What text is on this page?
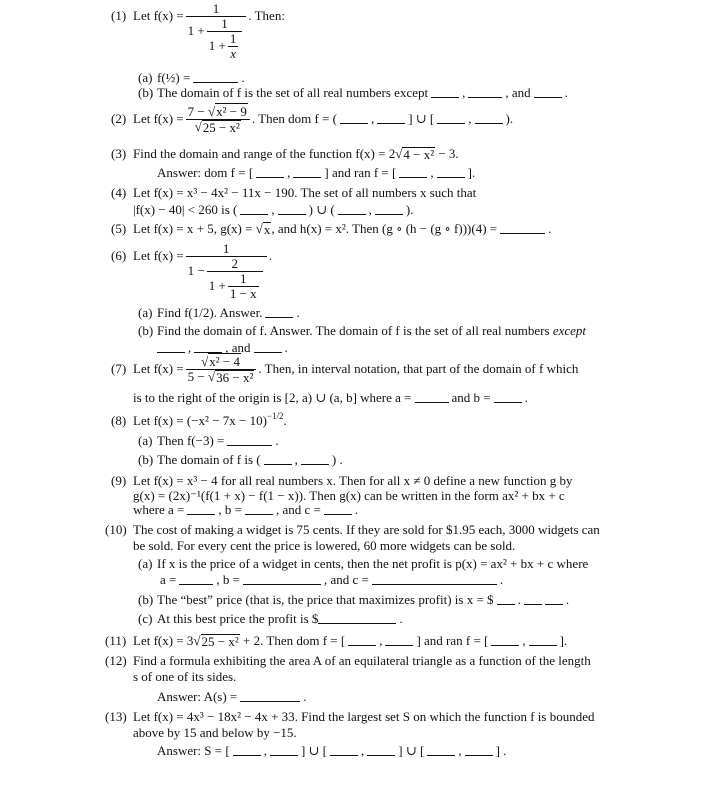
(1) Let f(x) =	1
$1 + \frac{1}{1 + \frac{1}{x}}$
. Then:
(a) f(½) =	.
(b) The domain of f is the set of all real numbers except	,	, and	.
(2) Let $f(x) = \frac{\text{7 − √x² − 9}}{\text{√ 25 − x²}}$ . Then dom f = (	,	] ∪ [	,	).
(3) Find the domain and range of the function f(x) = 2 √ 4 − x² − 3.
Answer: dom f = [	,	] and ran f = [	,	].
(4) Let f(x) = x³ − 4x² − 11x − 190. The set of all numbers x such that
|f(x) − 40| < 260 is (	,	) ∪ (	,	).
(5) Let f(x) = x + 5, g(x) = √ x , and h(x) = x². Then (g ∘ (h − (g ∘ f)))(4) =	.
(6) Let f(x) =	1
$1 - \frac{2}{1 + \frac{1}{1 - x}}$
.
(a) Find f(1/2). Answer.	.
(b) Find the domain of f. Answer. The domain of f is the set of all real numbers except
,	, and	.
(7) Let $f(x) = \frac{\text{√x² − 4}}{\text{5 − √ 36 − x²}}$ . Then, in interval notation, that part of the domain of f which
is to the right of the origin is [2, a) ∪ (a, b] where a =	and b =	.
(8) Let f(x) = (−x² − 7x − 10) −1/2 .
(a) Then f(−3) =	.
(b) The domain of f is (	,	) .
(9) Let f(x) = x³ − 4 for all real numbers x. Then for all x ≠ 0 define a new function g by
g(x) = (2x)⁻¹(f(1 + x) − f(1 − x)). Then g(x) can be written in the form ax² + bx + c
where a =	, b =	, and c =	.
(10) The cost of making a widget is 75 cents. If they are sold for $1.95 each, 3000 widgets can
be sold. For every cent the price is lowered, 60 more widgets can be sold.
(a) If x is the price of a widget in cents, then the net profit is p(x) = ax² + bx + c where
a =	, b =	, and c =	.
(b) The “best” price (that is, the price that maximizes profit) is x = $ .	.
(c) At this best price the profit is $	.
(11) Let f(x) = 3 √ 25 − x² + 2. Then dom f = [	,	] and ran f = [	,	].
(12) Find a formula exhibiting the area A of an equilateral triangle as a function of the length
s of one of its sides.
Answer: A(s) =	.
(13) Let f(x) = 4x³ − 18x² − 4x + 33. Find the largest set S on which the function f is bounded
above by 15 and below by −15.
Answer: S = [	,	] ∪ [	,	] ∪ [	,	] .
